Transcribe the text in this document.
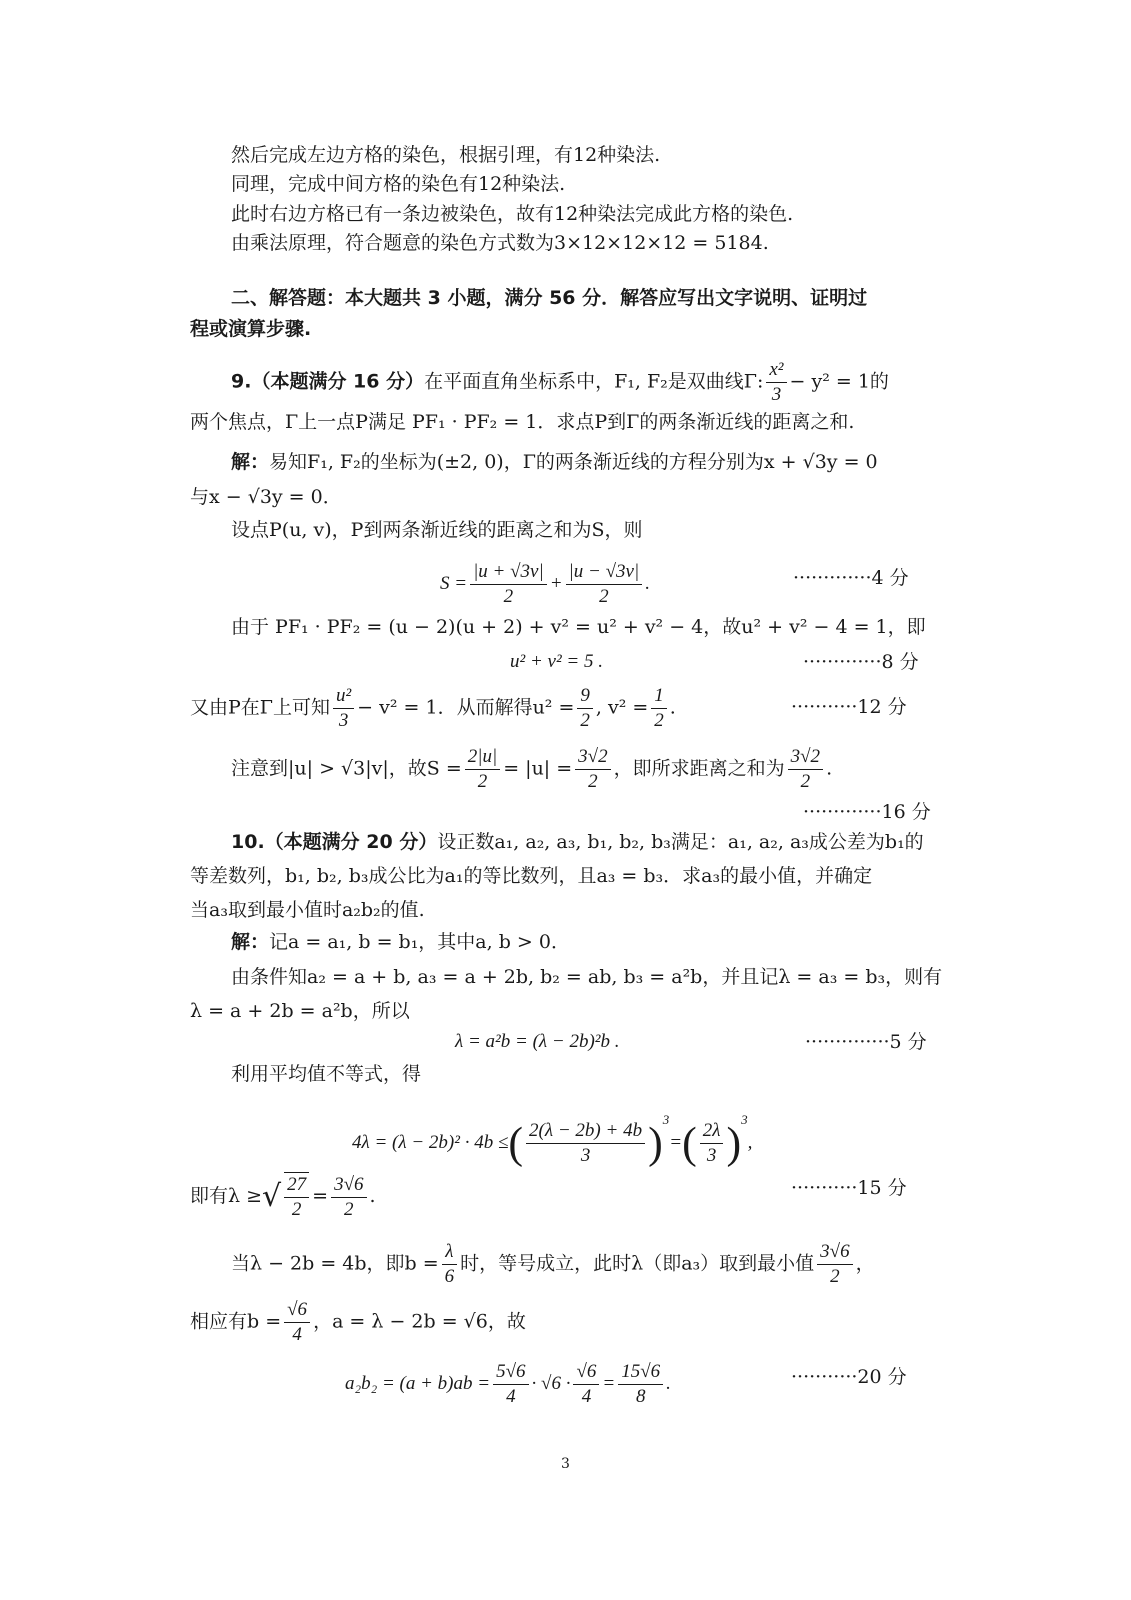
然后完成左边方格的染色，根据引理，有12种染法.
同理，完成中间方格的染色有12种染法.
此时右边方格已有一条边被染色，故有12种染法完成此方格的染色.
由乘法原理，符合题意的染色方式数为3×12×12×12 = 5184.
二、解答题：本大题共 3 小题，满分 56 分．解答应写出文字说明、证明过
程或演算步骤.
9.（本题满分 16 分）在平面直角坐标系中，F₁, F₂是双曲线Γ: $\frac{\text{x²}}{3} - y^2 = 1$的
两个焦点，Γ上一点P满足 PF₁ · PF₂ = 1．求点P到Γ的两条渐近线的距离之和.
解：易知F₁, F₂的坐标为(±2, 0)，Γ的两条渐近线的方程分别为x + √3y = 0
与x − √3y = 0．
设点P(u, v)，P到两条渐近线的距离之和为S，则
$S = \frac{|u + √3v|}{2} + \frac{|u - √3v|}{2}$ .	·············4 分
由于 PF₁ · PF₂ = (u − 2)(u + 2) + v² = u² + v² − 4，故u² + v² − 4 = 1，即
u² + v² = 5 .	·············8 分
又由P在Γ上可知 $\frac{\text{u²}}{3} - v^2 = 1$．从而解得$u^2 = \frac{9}{2}$ , $v^2 = \frac{1}{2}$ .	···········12 分
注意到|u| > √3|v|，故$S = \frac{2|u|}{2} = |u| = \frac{3√2}{2}$ ，即所求距离之和为 $\frac{3√2}{2}$ .
·············16 分
10.（本题满分 20 分）设正数a₁, a₂, a₃, b₁, b₂, b₃满足：a₁, a₂, a₃成公差为b₁的
等差数列，b₁, b₂, b₃成公比为a₁的等比数列，且a₃ = b₃．求a₃的最小值，并确定
当a₃取到最小值时a₂b₂的值.
解：记a = a₁, b = b₁，其中a, b > 0．
由条件知a₂ = a + b, a₃ = a + 2b, b₂ = ab, b₃ = a²b，并且记λ = a₃ = b₃，则有
λ = a + 2b = a²b，所以
λ = a²b = (λ − 2b)²b .	··············5 分
利用平均值不等式，得
4λ = (λ − 2b)² · 4b ≤( $\frac{2(\lambda - 2b) + 4b}{3} )^3=( \frac{2\lambda}{3} )^3$,
即有λ ≥√ $\frac{27}{2} = \frac{3√6}{2}$ .	···········15 分
当λ − 2b = 4b，即$b = \frac{\lambda}{6}$ 时，等号成立，此时λ（即a₃）取到最小值 $\frac{3√6}{2}$ ，
相应有$b = \frac{√6}{4}$ ，a = λ − 2b = √6，故
$a_2b_2 = (a + b)ab = \frac{5√6}{4} \cdot √6 \cdot \frac{√6}{4} = \frac{15√6}{8}$ .	···········20 分
3
